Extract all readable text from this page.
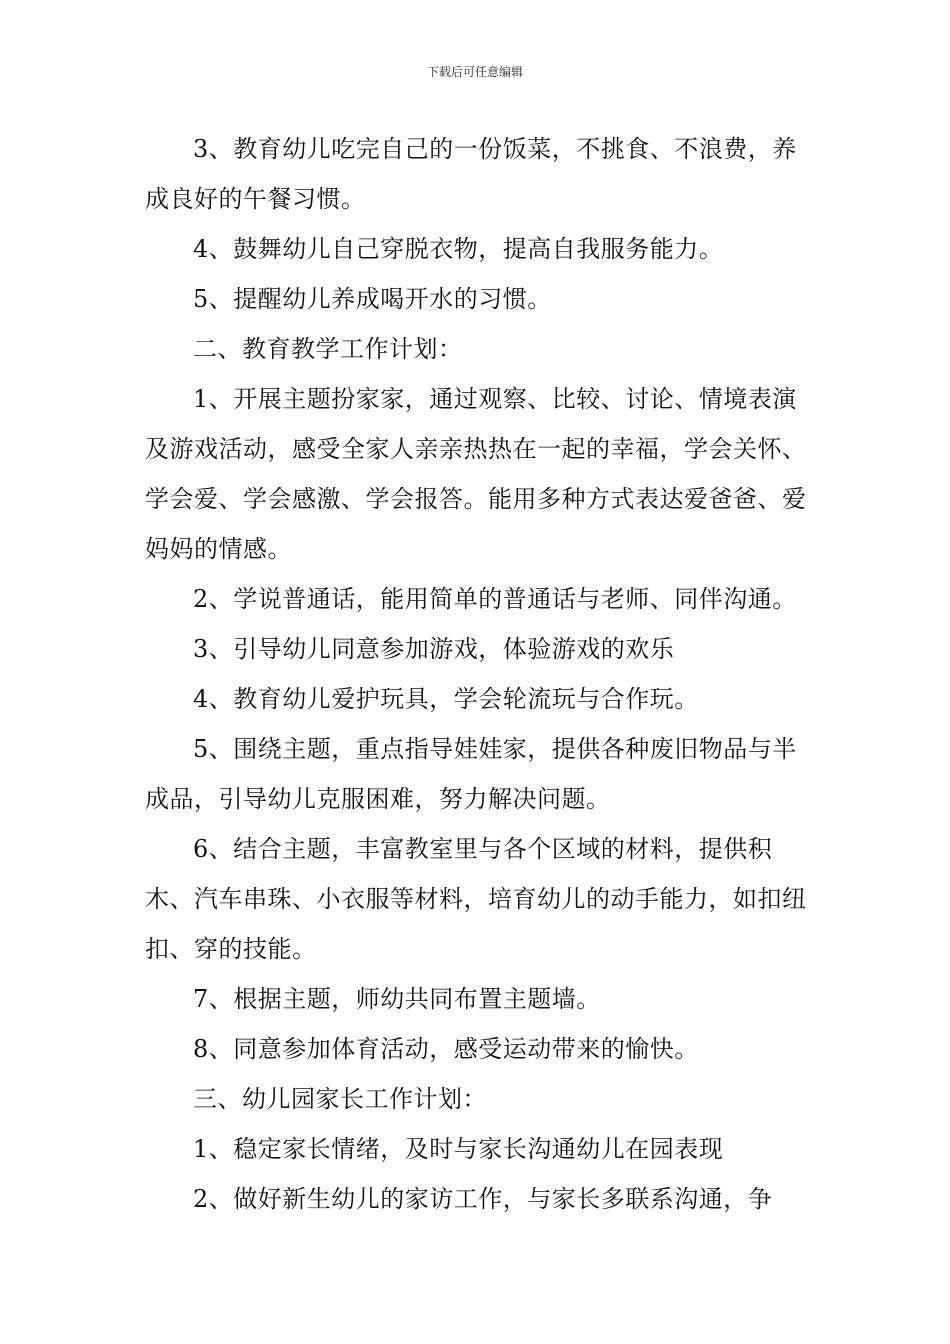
下载后可任意编辑

3、教育幼儿吃完自己的一份饭菜，不挑食、不浪费，养成良好的午餐习惯。

4、鼓舞幼儿自己穿脱衣物，提高自我服务能力。

5、提醒幼儿养成喝开水的习惯。

二、教育教学工作计划：

1、开展主题扮家家，通过观察、比较、讨论、情境表演及游戏活动，感受全家人亲亲热热在一起的幸福，学会关怀、学会爱、学会感激、学会报答。能用多种方式表达爱爸爸、爱妈妈的情感。

2、学说普通话，能用简单的普通话与老师、同伴沟通。

3、引导幼儿同意参加游戏，体验游戏的欢乐

4、教育幼儿爱护玩具，学会轮流玩与合作玩。

5、围绕主题，重点指导娃娃家，提供各种废旧物品与半成品，引导幼儿克服困难，努力解决问题。

6、结合主题，丰富教室里与各个区域的材料，提供积木、汽车串珠、小衣服等材料，培育幼儿的动手能力，如扣纽扣、穿的技能。

7、根据主题，师幼共同布置主题墙。

8、同意参加体育活动，感受运动带来的愉快。

三、幼儿园家长工作计划：

1、稳定家长情绪，及时与家长沟通幼儿在园表现

2、做好新生幼儿的家访工作，与家长多联系沟通，争
